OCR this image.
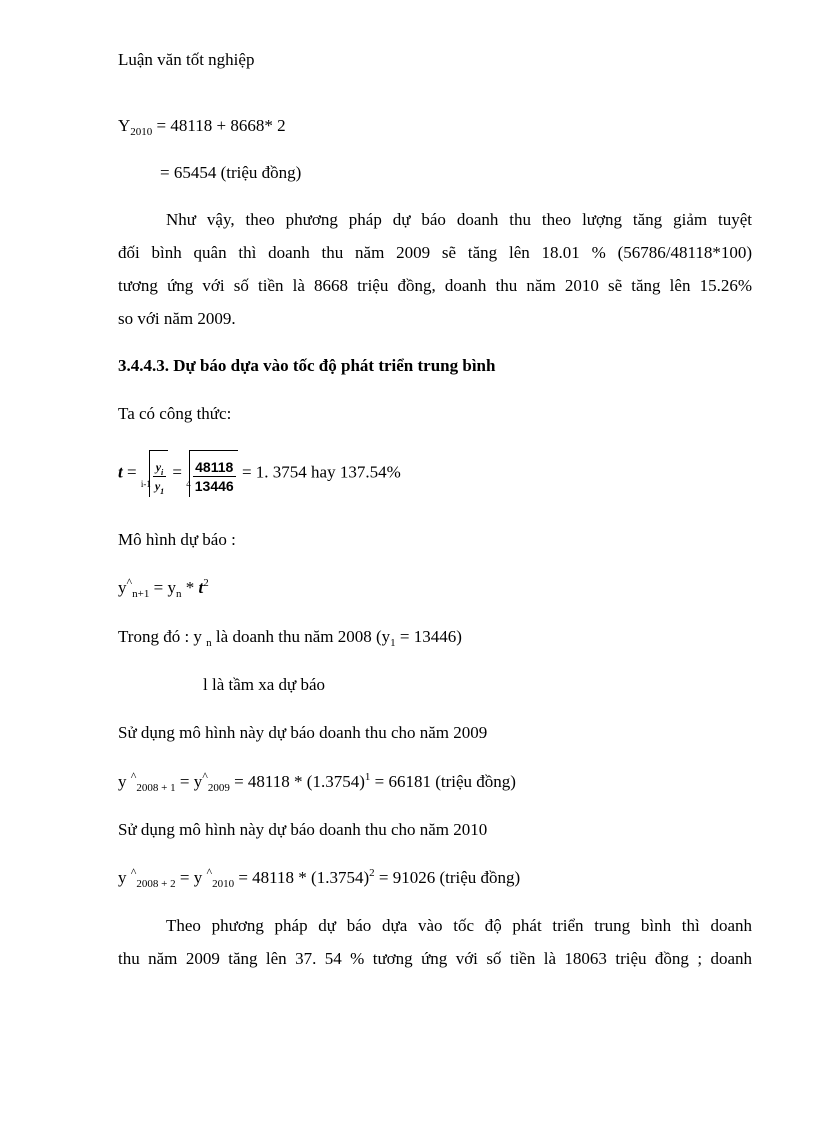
Luận văn tốt nghiệp
$Y_{2010} = 48118 + 8668*$ 2
= 65454 (triệu đồng)
Như vậy, theo phương pháp dự báo doanh thu theo lượng tăng giảm tuyệt
đối bình quân thì doanh thu năm 2009 sẽ tăng lên 18.01 % (56786/48118*100)
tương ứng với số tiền là 8668 triệu đồng, doanh thu năm 2010 sẽ tăng lên 15.26%
so với năm 2009.
3.4.4.3. Dự báo dựa vào tốc độ phát triển trung bình
Ta có công thức:
$t = _{i-1} \frac{y_i}{y_1} = _4 \frac{48118}{13446} = 1$. 3754 hay 137.54%
Mô hình dự báo :
$y^{\^{}}_{n+1} = y_n * t^2$
Trong đó : y $_n$ là doanh thu năm 2008 $(y_1 = 13446)$
l là tầm xa dự báo
Sử dụng mô hình này dự báo doanh thu cho năm 2009
y $^{\^{}}_{2008 + 1} = y^{\^{}}_{2009} = 48118 * (1.3754)^1 = 66181$ (triệu đồng)
Sử dụng mô hình này dự báo doanh thu cho năm 2010
y ^$_{2008 + 2}$ = y $^{\^{}}_{2010} = 48118 * (1.3754)^2 = 91026$ (triệu đồng)
Theo phương pháp dự báo dựa vào tốc độ phát triển trung bình thì doanh
thu năm 2009 tăng lên 37. 54 % tương ứng với số tiền là 18063 triệu đồng ; doanh
